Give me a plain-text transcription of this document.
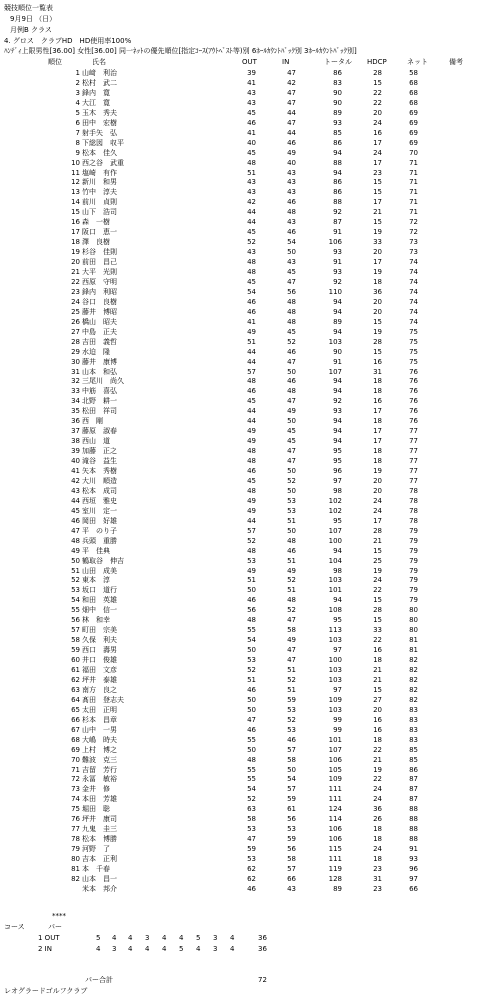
競技順位一覧表
9月9日 （日）
月例B クラス
4. グロス　クラブHD　HD使用率100%
ﾊﾝﾃﾞｨ上限男性[36.00] 女性[36.00] 同一ﾈｯﾄの優先順位[指定ｺｰｽ(ｱｳﾄﾍﾞｽﾄ等)別 6ﾎｰﾙｶｳﾝﾄﾊﾞｯｸ別 3ﾎｰﾙｶｳﾝﾄﾊﾞｯｸ別]
順位	氏名	OUT	IN	トータル HDCP	ネット	備考
1 山﨑　利治	39	47	86	28	58
2 松村　武二	41	42	83	15	68
3 鋒内　寛	43	47	90	22	68
4 大江　寛	43	47	90	22	68
5 玉木　秀夫	45	44	89	20	69
6 田中　宏樹	46	47	93	24	69
7 射手矢　弘	41	44	85	16	69
8 下総図　収平	40	46	86	17	69
9 松本　佳久	45	49	94	24	70
10 西之谷　武重	48	40	88	17	71
11 塩崎　有作	51	43	94	23	71
12 新川　和男	43	43	86	15	71
13 竹中　淳夫	43	43	86	15	71
14 前川　貞則	42	46	88	17	71
15 山下　浩司	44	48	92	21	71
16 森　一樹	44	43	87	15	72
17 阪口　恵一	45	46	91	19	72
18 澤　良樹	52	54	106	33	73
19 杉谷　佳則	43	50	93	20	73
20 前田　昌己	48	43	91	17	74
21 大平　光則	48	45	93	19	74
22 西原　守明	45	47	92	18	74
23 鋒内　利昭	54	56	110	36	74
24 谷口　良樹	46	48	94	20	74
25 藤井　博昭	46	48	94	20	74
26 橋山　昭夫	41	48	89	15	74
27 中島　正夫	49	45	94	19	75
28 吉田　義哲	51	52	103	28	75
29 水迫　隆	44	46	90	15	75
30 藤井　康博	44	47	91	16	75
31 山本　和弘	57	50	107	31	76
32 三尾川　尚久	48	46	94	18	76
33 中筋　喜弘	46	48	94	18	76
34 北野　耕一	45	47	92	16	76
35 松田　祥司	44	49	93	17	76
36 西　剛	44	50	94	18	76
37 藤原　淑春	49	45	94	17	77
38 西山　道	49	45	94	17	77
39 加藤　正之	48	47	95	18	77
40 滝谷　益生	48	47	95	18	77
41 矢本　秀樹	46	50	96	19	77
42 大川　順造	45	52	97	20	77
43 松本　成司	48	50	98	20	78
44 西垣　雅史	49	53	102	24	78
45 室川　定一	49	53	102	24	78
46 岡田　好雄	44	51	95	17	78
47 平　のり子	57	50	107	28	79
48 兵頭　重勝	52	48	100	21	79
49 平　佳典	48	46	94	15	79
50 鶴取谷　伸吉	53	51	104	25	79
51 山田　成美	49	49	98	19	79
52 東本　淳	51	52	103	24	79
53 坂口　道行	50	51	101	22	79
54 和田　英雄	46	48	94	15	79
55 畑中　信一	56	52	108	28	80
56 林　和幸	48	47	95	15	80
57 町田　宗美	55	58	113	33	80
58 久保　利夫	54	49	103	22	81
59 西口　壽男	50	47	97	16	81
60 井口　俊雄	53	47	100	18	82
61 福田　文彦	52	51	103	21	82
62 坪井　泰雄	51	52	103	21	82
63 南方　良之	46	51	97	15	82
64 髙田　登志夫	50	59	109	27	82
65 太田　正明	50	53	103	20	83
66 杉本　昌章	47	52	99	16	83
67 山中　一男	46	53	99	16	83
68 大嶋　時夫	55	46	101	18	83
69 上村　博之	50	57	107	22	85
70 難波　克三	48	58	106	21	85
71 吉留　芳行	55	50	105	19	86
72 永冨　敏裕	55	54	109	22	87
73 金井　修	54	57	111	24	87
74 本田　芳雄	52	59	111	24	87
75 堀田　聡	63	61	124	36	88
76 坪井　康司	58	56	114	26	88
77 九鬼　圭三	53	53	106	18	88
78 松本　博勝	47	59	106	18	88
79 河野　了	59	56	115	24	91
80 吉本　正利	53	58	111	18	93
81 本　千春	62	57	119	23	96
82 山本　昌一	62	66	128	31	97
米本　邦介	46	43	89	23	66
****
コース	パー
1 OUT	5 4 4 3 4 4 5 3 4	36
2 IN	4 3 4 4 4 5 4 3 4	36
パー合計	72
レオグラードゴルフクラブ
